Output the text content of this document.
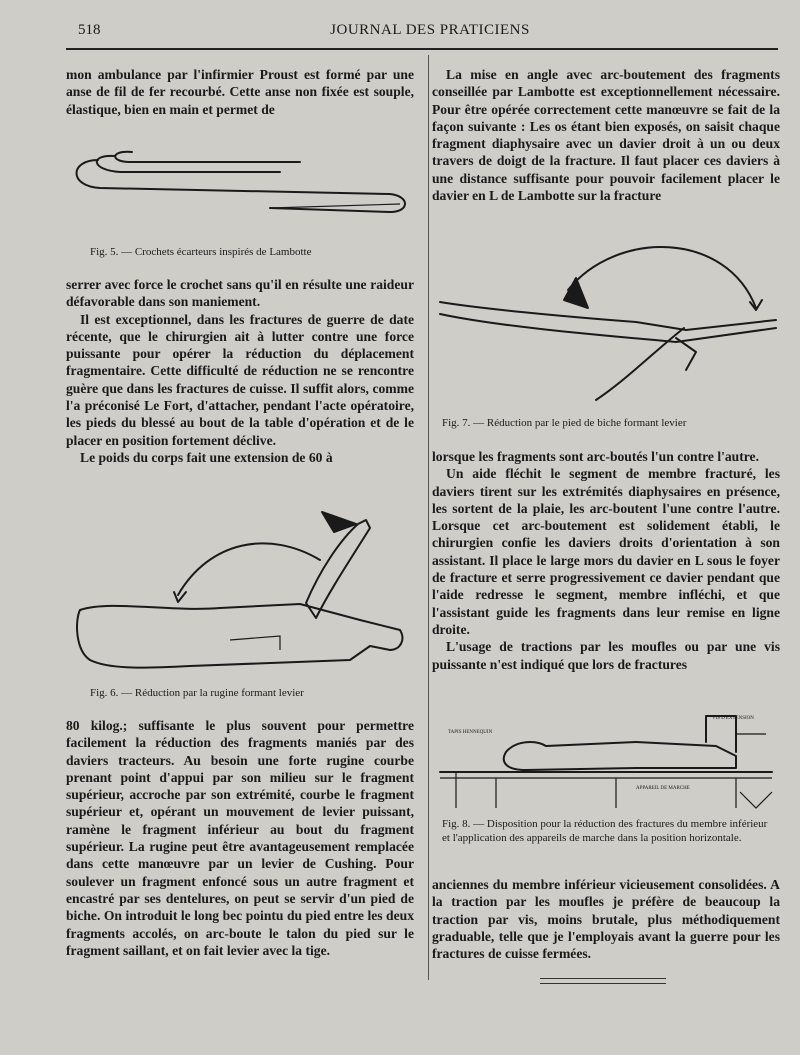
518	JOURNAL DES PRATICIENS

mon ambulance par l'infirmier Proust est formé par une anse de fil de fer recourbé. Cette anse non fixée est souple, élastique, bien en main et permet de

Fig. 5. — Crochets écarteurs inspirés de Lambotte

serrer avec force le crochet sans qu'il en résulte une raideur défavorable dans son maniement.

Il est exceptionnel, dans les fractures de guerre de date récente, que le chirurgien ait à lutter contre une force puissante pour opérer la réduction du déplacement fragmentaire. Cette difficulté de réduction ne se rencontre guère que dans les fractures de cuisse. Il suffit alors, comme l'a préconisé Le Fort, d'attacher, pendant l'acte opératoire, les pieds du blessé au bout de la table d'opération et de le placer en position fortement déclive.

Le poids du corps fait une extension de 60 à

Fig. 6. — Réduction par la rugine formant levier

80 kilog.; suffisante le plus souvent pour permettre facilement la réduction des fragments maniés par des daviers tracteurs. Au besoin une forte rugine courbe prenant point d'appui par son milieu sur le fragment supérieur, accroche par son extrémité, courbe le fragment supérieur et, opérant un mouvement de levier puissant, ramène le fragment inférieur au bout du fragment supérieur. La rugine peut être avantageusement remplacée dans cette manœuvre par un levier de Cushing. Pour soulever un fragment enfoncé sous un autre fragment et encastré par ses dentelures, on peut se servir d'un pied de biche. On introduit le long bec pointu du pied entre les deux fragments accolés, on arc-boute le talon du pied sur le fragment saillant, et on fait levier avec la tige.

La mise en angle avec arc-boutement des fragments conseillée par Lambotte est exceptionnellement nécessaire. Pour être opérée correctement cette manœuvre se fait de la façon suivante : Les os étant bien exposés, on saisit chaque fragment diaphysaire avec un davier droit à un ou deux travers de doigt de la fracture. Il faut placer ces daviers à une distance suffisante pour pouvoir facilement placer le davier en L de Lambotte sur la fracture

Fig. 7. — Réduction par le pied de biche formant levier

lorsque les fragments sont arc-boutés l'un contre l'autre.

Un aide fléchit le segment de membre fracturé, les daviers tirent sur les extrémités diaphysaires en présence, les sortent de la plaie, les arc-boutent l'une contre l'autre. Lorsque cet arc-boutement est solidement établi, le chirurgien confie les daviers droits d'orientation à son assistant. Il place le large mors du davier en L sous le foyer de fracture et serre progressivement ce davier pendant que l'aide redresse le segment, membre infléchi, et que l'assistant guide les fragments dans leur remise en ligne droite.

L'usage de tractions par les moufles ou par une vis puissante n'est indiqué que lors de fractures

TAPIS HENNEQUIN
VIS D'EXTENSION
APPAREIL DE MARCHE

Fig. 8. — Disposition pour la réduction des fractures du membre inférieur et l'application des appareils de marche dans la position horizontale.

anciennes du membre inférieur vicieusement consolidées. A la traction par les moufles je préfère de beaucoup la traction par vis, moins brutale, plus méthodiquement graduable, telle que je l'employais avant la guerre pour les fractures de cuisse fermées.
